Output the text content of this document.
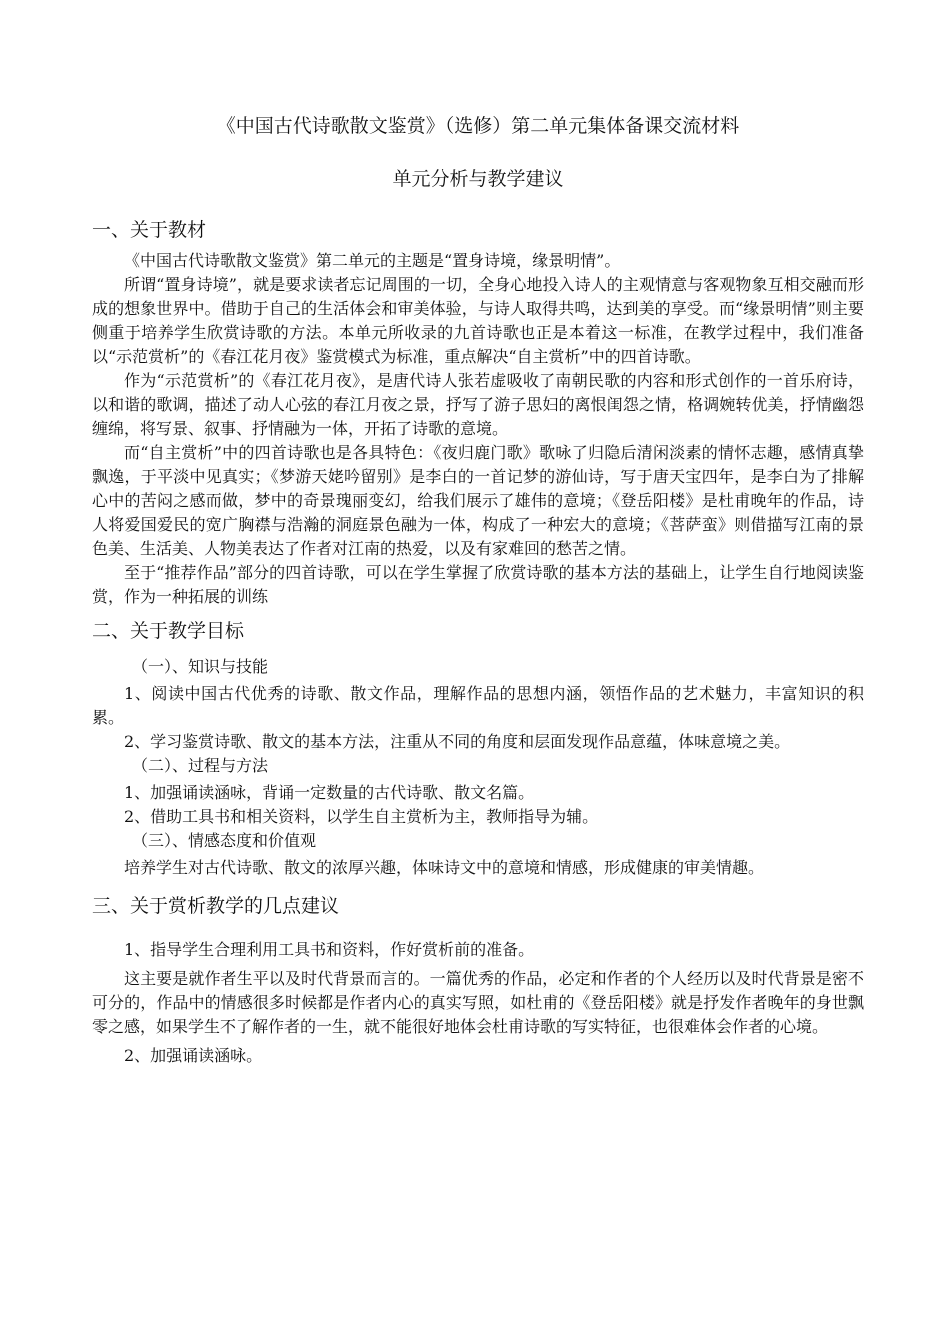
《中国古代诗歌散文鉴赏》（选修）第二单元集体备课交流材料

单元分析与教学建议

一、关于教材

《中国古代诗歌散文鉴赏》第二单元的主题是“置身诗境，缘景明情”。

所谓“置身诗境”，就是要求读者忘记周围的一切，全身心地投入诗人的主观情意与客观物象互相交融而形成的想象世界中。借助于自己的生活体会和审美体验，与诗人取得共鸣，达到美的享受。而“缘景明情”则主要侧重于培养学生欣赏诗歌的方法。本单元所收录的九首诗歌也正是本着这一标准，在教学过程中，我们准备以“示范赏析”的《春江花月夜》鉴赏模式为标准，重点解决“自主赏析”中的四首诗歌。

作为“示范赏析”的《春江花月夜》，是唐代诗人张若虚吸收了南朝民歌的内容和形式创作的一首乐府诗，以和谐的歌调，描述了动人心弦的春江月夜之景，抒写了游子思妇的离恨闺怨之情，格调婉转优美，抒情幽怨缠绵，将写景、叙事、抒情融为一体，开拓了诗歌的意境。

而“自主赏析”中的四首诗歌也是各具特色：《夜归鹿门歌》歌咏了归隐后清闲淡素的情怀志趣，感情真挚飘逸，于平淡中见真实；《梦游天姥吟留别》是李白的一首记梦的游仙诗，写于唐天宝四年，是李白为了排解心中的苦闷之感而做，梦中的奇景瑰丽变幻，给我们展示了雄伟的意境；《登岳阳楼》是杜甫晚年的作品，诗人将爱国爱民的宽广胸襟与浩瀚的洞庭景色融为一体，构成了一种宏大的意境；《菩萨蛮》则借描写江南的景色美、生活美、人物美表达了作者对江南的热爱，以及有家难回的愁苦之情。

至于“推荐作品”部分的四首诗歌，可以在学生掌握了欣赏诗歌的基本方法的基础上，让学生自行地阅读鉴赏，作为一种拓展的训练

二、关于教学目标

（一）、知识与技能

1、阅读中国古代优秀的诗歌、散文作品，理解作品的思想内涵，领悟作品的艺术魅力，丰富知识的积累。

2、学习鉴赏诗歌、散文的基本方法，注重从不同的角度和层面发现作品意蕴，体味意境之美。

（二）、过程与方法

1、加强诵读涵咏，背诵一定数量的古代诗歌、散文名篇。

2、借助工具书和相关资料，以学生自主赏析为主，教师指导为辅。

（三）、情感态度和价值观

培养学生对古代诗歌、散文的浓厚兴趣，体味诗文中的意境和情感，形成健康的审美情趣。

三、关于赏析教学的几点建议

1、指导学生合理利用工具书和资料，作好赏析前的准备。

这主要是就作者生平以及时代背景而言的。一篇优秀的作品，必定和作者的个人经历以及时代背景是密不可分的，作品中的情感很多时候都是作者内心的真实写照，如杜甫的《登岳阳楼》就是抒发作者晚年的身世飘零之感，如果学生不了解作者的一生，就不能很好地体会杜甫诗歌的写实特征，也很难体会作者的心境。

2、加强诵读涵咏。
